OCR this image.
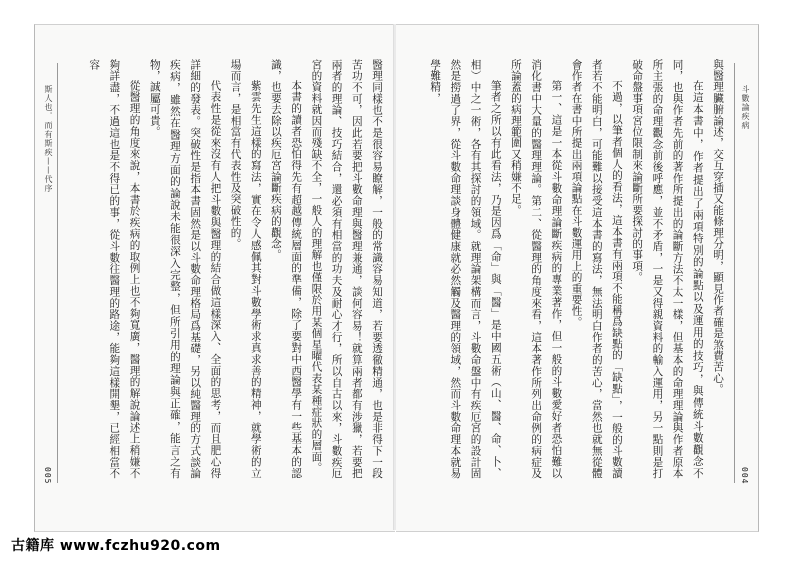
斯人也．而有斯疾——代序
005	醫理同樣也不是很容易瞭解，一般的常識容易知道，若要透徹精通，也是非得下一段苦功不可，因此若要把斗數命理與醫理兼通，談何容易！就算兩者都有涉獵，若要把兩者的理論、技巧結合，還必須有相當的功夫及耐心才行，所以自古以來，斗數疾厄宮的資料就因而殘缺不全，一般人的理解也僅限於用某個星曜代表某種症狀的層面。

本書的讀者恐怕得先有超越傳統層面的準備，除了要對中西醫學有一些基本的認識，也要去除以疾厄宮論斷疾病的觀念。

紫雲先生這樣的寫法，實在令人感佩其對斗數學術求真求善的精神，就學術的立場而言，是相當有代表性及突破性的。

代表性是從來沒有人把斗數與醫理的結合做這樣深入、全面的思考，而且肥心得詳細的發表。突破性是指本書固然是以斗數命理格局爲基礎，另以純醫理的方式談論疾病，雖然在醫理方面的論說未能很深入完整，但所引用的理論與正確，能言之有物，誠屬可貴。

從醫理的角度來說，本書於疾病的取例上也不夠寬廣，醫理的解說論述上稍嫌不夠詳盡，不過這也是不得已的事，從斗數往醫理的路途，能夠這樣開墾，已經相當不容

斗數論疾病
004

與醫理臟腑論述，交互穿插又能條理分明，顯見作者確是煞費苦心。

在這本書中，作者提出了兩項特別的論點以及運用的技巧，與傳統斗數觀念不同，也與作者先前的著作所提出的論斷方法不太一樣，但基本的命理理論與作者原本所主張的命理觀念前後呼應，並不矛盾，一是又得親資料的輸入運用，另一點則是打破命盤事項宮位限制來論斷所要探討的事項。

不過，以筆者個人的看法，這本書有兩項不能稱爲缺點的「缺點」，一般的斗數讀者若不能明白，可能難以接受這本書的寫法，無法明白作者的苦心，當然也就無從體會作者在書中所提出兩項論點在斗數運用上的重要性。

第一、這是一本從斗數命理論斷疾病的專業著作，但一般的斗數愛好者恐怕難以消化書中大量的醫理理論。第二、從醫理的角度來看，這本著作所列出命例的病症及所論蓋的病理範圍又稍嫌不足。

筆者之所以有此看法，乃是因爲「命」與「醫」是中國五術（山、醫、命、卜、相）中之一術，各有其探討的領域。就理論架構而言，斗數命盤中有疾厄宮的設計固然是撈過了界，從斗數命理談身體健康就必然觸及醫理的領域，然而斗數命理本就易學難精，

古籍库 www.fczhu920.com
